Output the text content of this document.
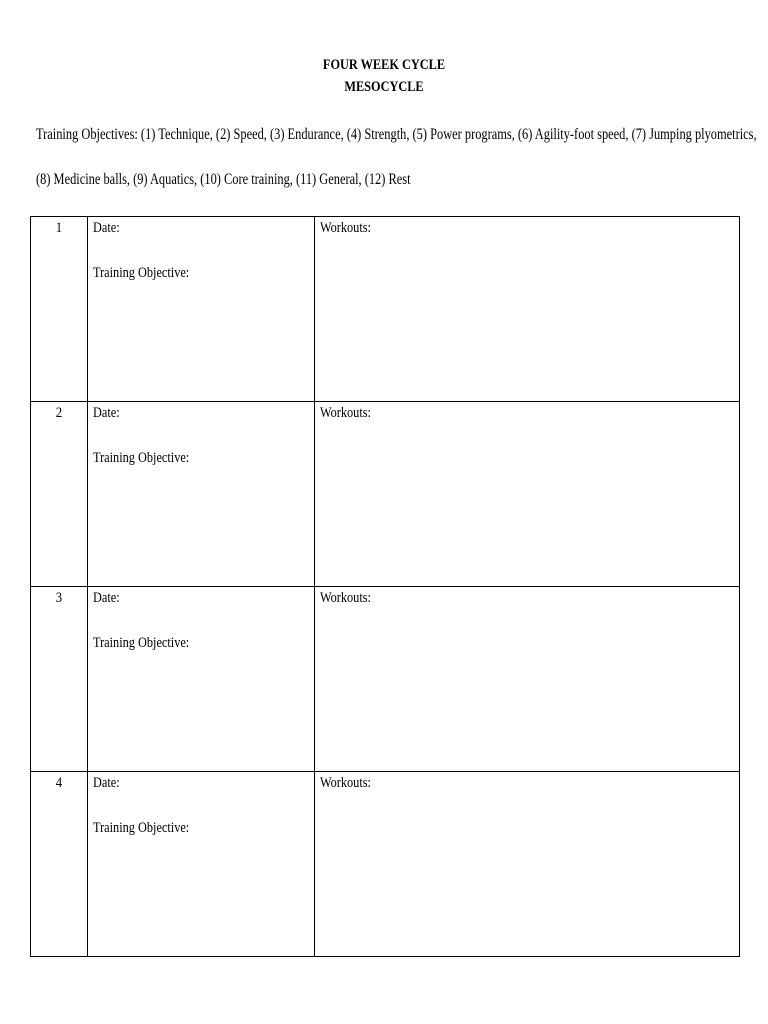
FOUR WEEK CYCLE
MESOCYCLE
Training Objectives: (1) Technique, (2) Speed, (3) Endurance, (4) Strength, (5) Power programs, (6) Agility-foot speed, (7) Jumping plyometrics,
(8) Medicine balls, (9) Aquatics, (10) Core training, (11) General, (12) Rest
1	Date:
Training Objective:	Workouts:

2	Date:
Training Objective:	Workouts:

3	Date:
Training Objective:	Workouts:

4	Date:
Training Objective:	Workouts:
